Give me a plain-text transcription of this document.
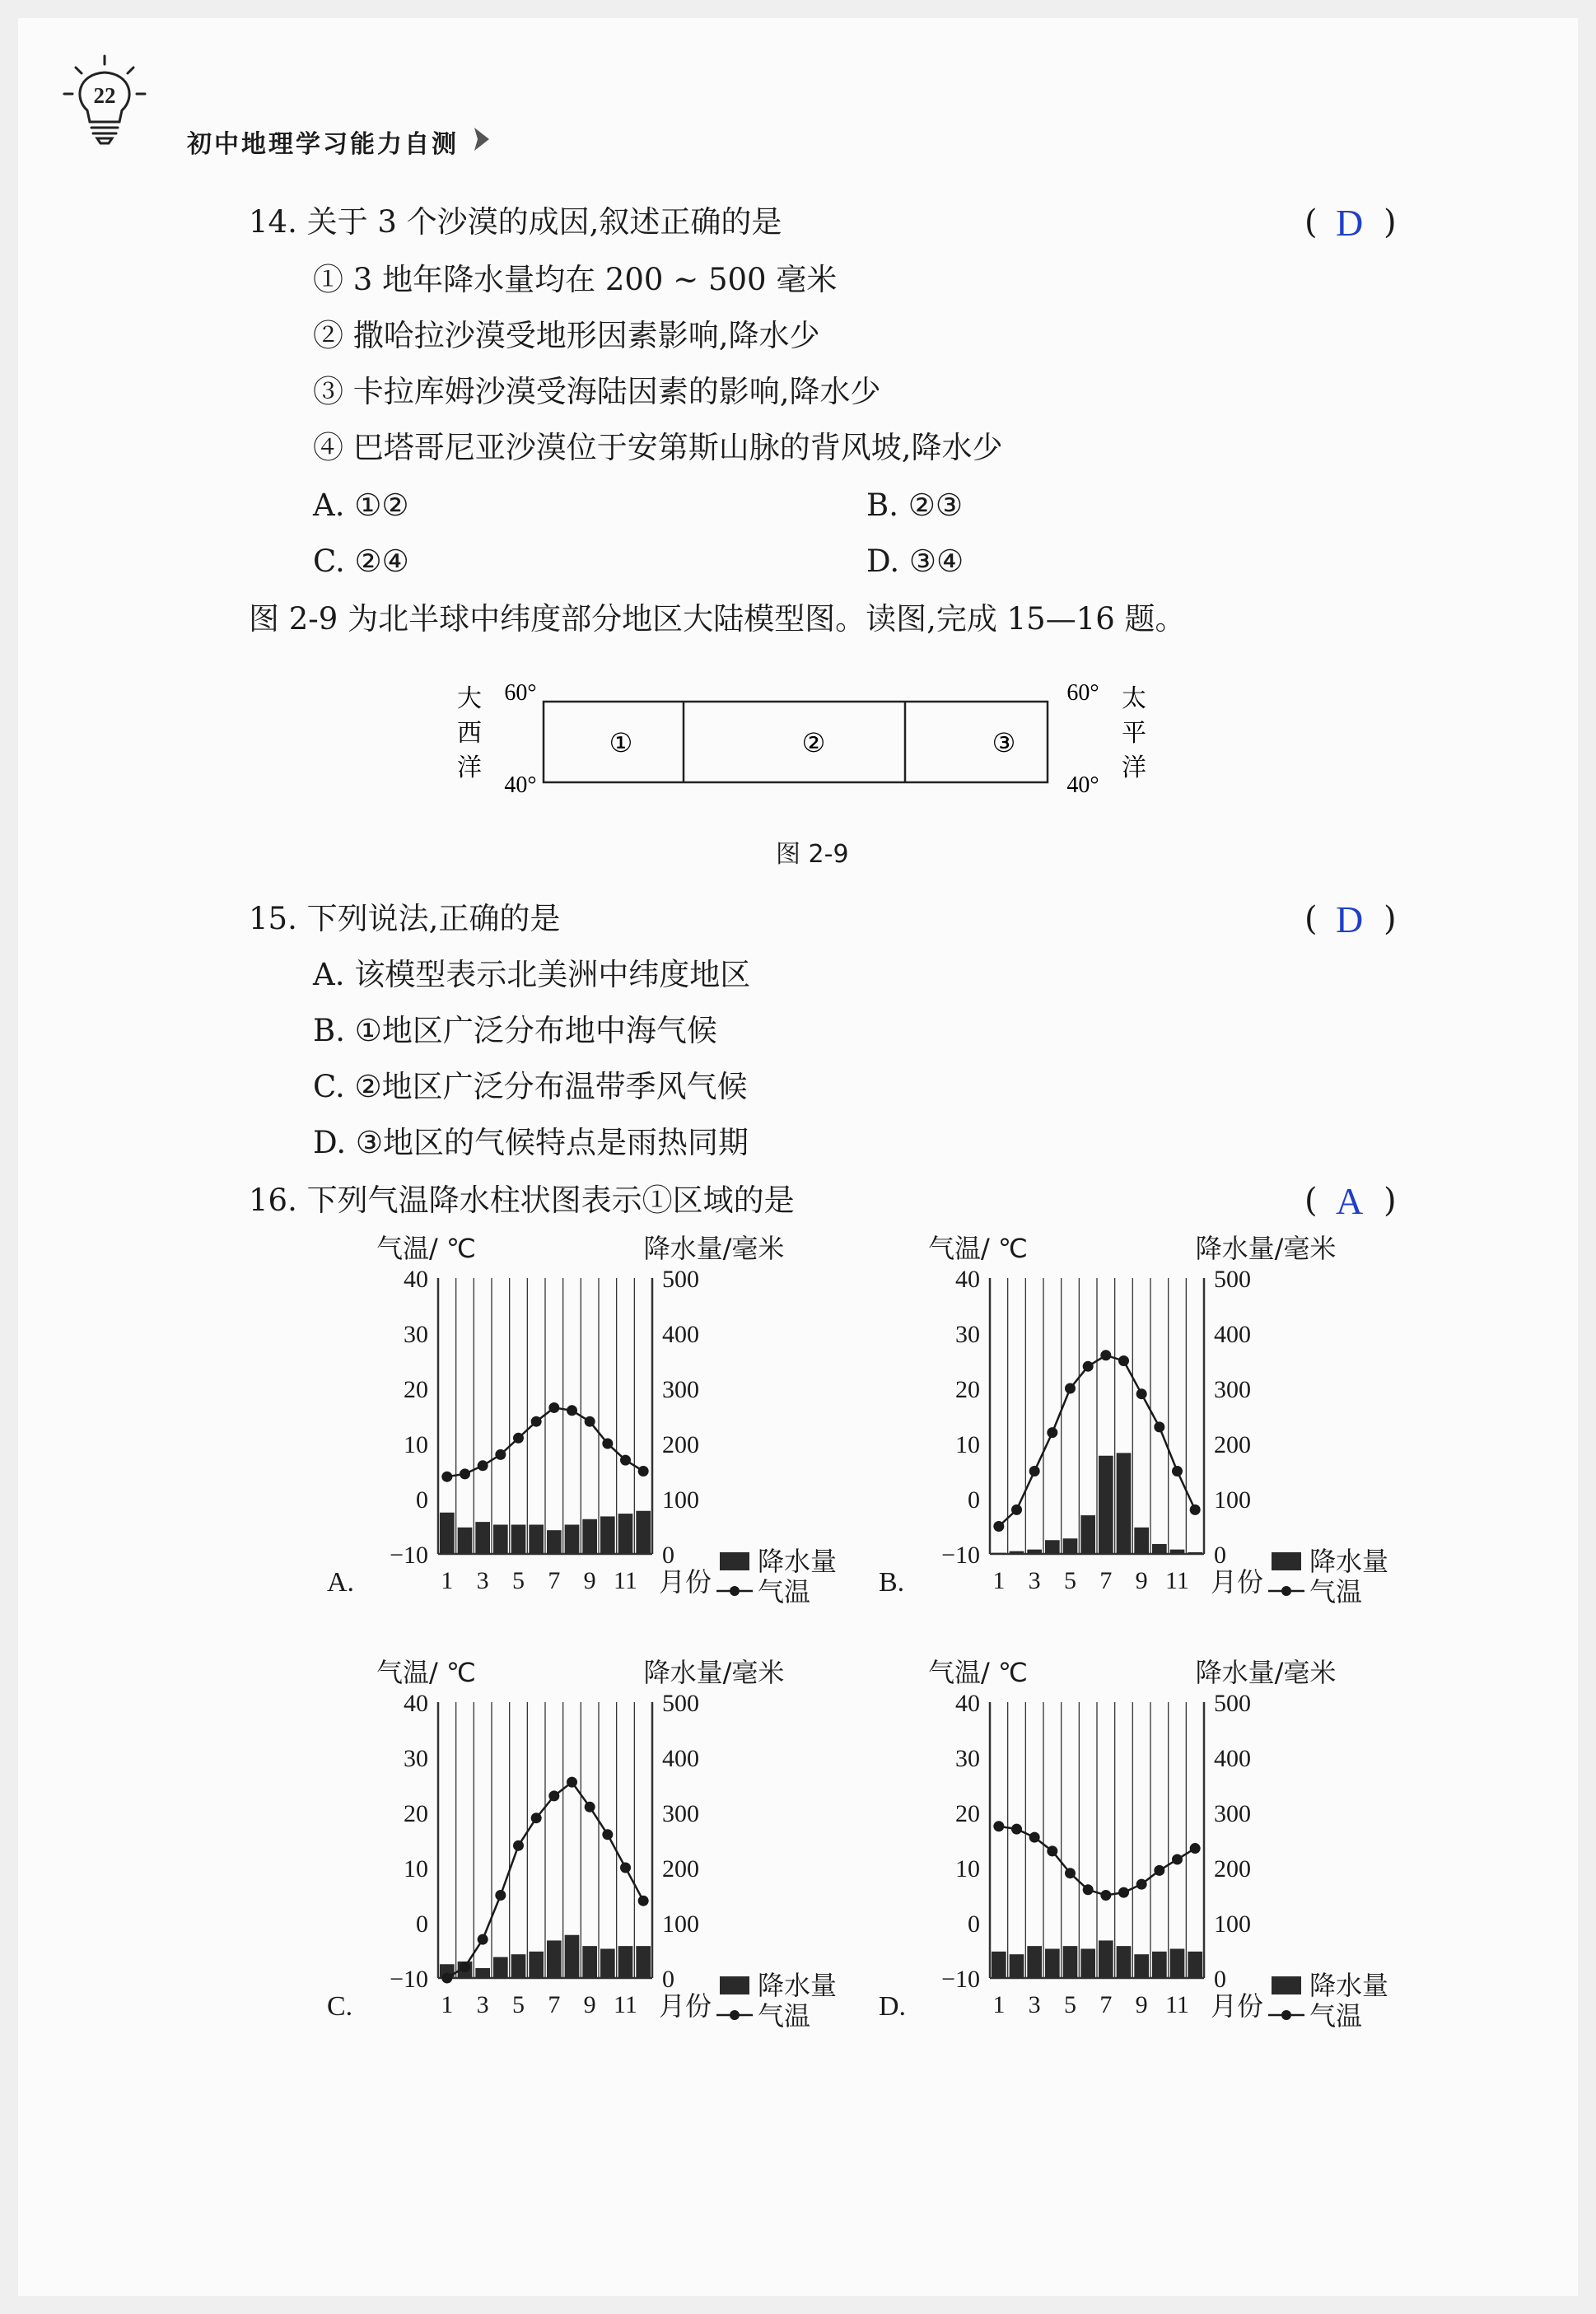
22
初中地理学习能力自测
14. 关于 3 个沙漠的成因,叙述正确的是	( D )
① 3 地年降水量均在 200 ~ 500 毫米
② 撒哈拉沙漠受地形因素影响,降水少
③ 卡拉库姆沙漠受海陆因素的影响,降水少
④ 巴塔哥尼亚沙漠位于安第斯山脉的背风坡,降水少
A. ①②	B. ②③
C. ②④	D. ③④
图 2-9 为北半球中纬度部分地区大陆模型图。读图,完成 15—16 题。
大
西
洋
太
平
洋
60°
40°
60°
40°
①	②	③
图 2-9
15. 下列说法,正确的是	( D )
A. 该模型表示北美洲中纬度地区
B. ①地区广泛分布地中海气候
C. ②地区广泛分布温带季风气候
D. ③地区的气候特点是雨热同期
16. 下列气温降水柱状图表示①区域的是	( A )
气温/ ℃	降水量/毫米
40
30
20
10
0
−10
500
400
300
200
100
0
1 3 5 7 9 11 月份
A.
降水量
气温
气温/ ℃	降水量/毫米
40
30
20
10
0
−10
500
400
300
200
100
0
1 3 5 7 9 11 月份
B.
降水量
气温
气温/ ℃	降水量/毫米
40
30
20
10
0
−10
500
400
300
200
100
0
1 3 5 7 9 11 月份
C.
降水量
气温
气温/ ℃	降水量/毫米
40
30
20
10
0
−10
500
400
300
200
100
0
1 3 5 7 9 11 月份
D.
降水量
气温
